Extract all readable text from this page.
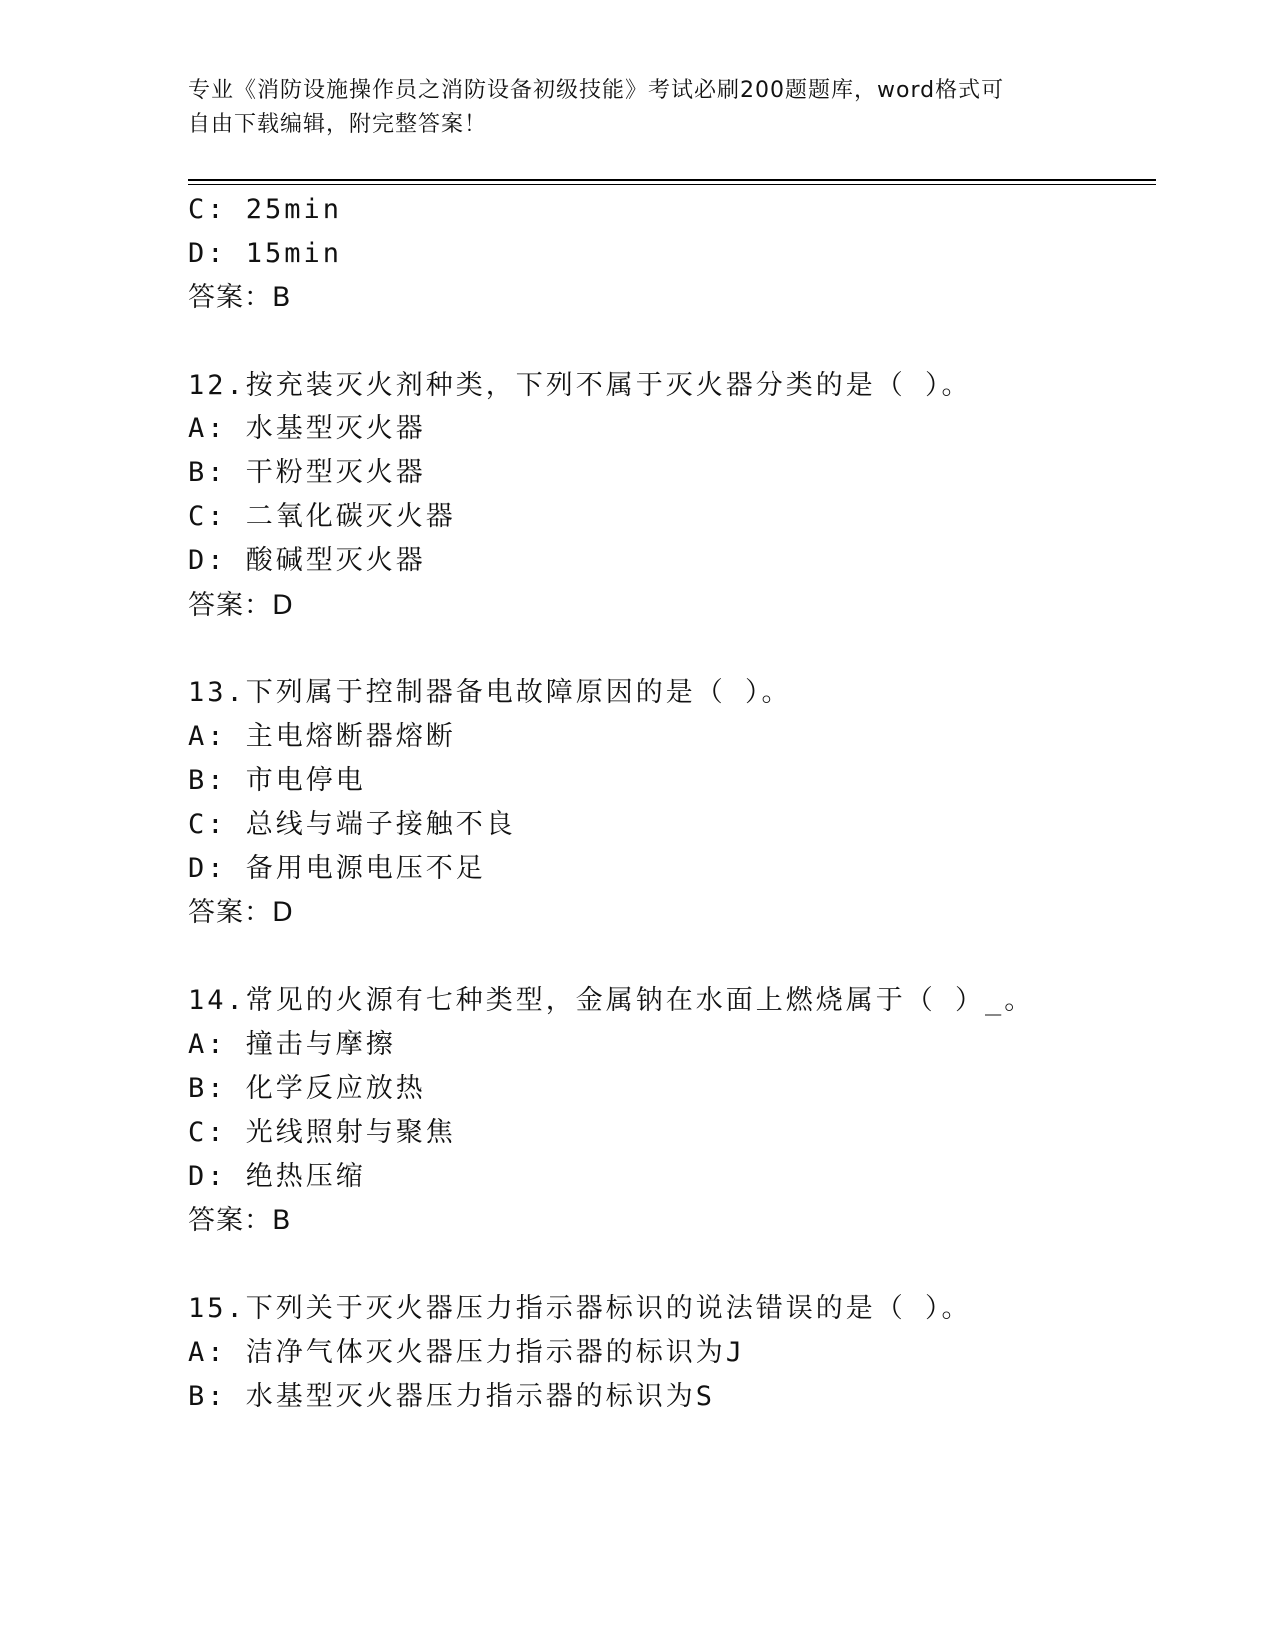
专业《消防设施操作员之消防设备初级技能》考试必刷200题题库，word格式可
自由下载编辑，附完整答案！
C: 25min
D: 15min
答案：B
12.按充装灭火剂种类，下列不属于灭火器分类的是（ ）。
A: 水基型灭火器
B: 干粉型灭火器
C: 二氧化碳灭火器
D: 酸碱型灭火器
答案：D
13.下列属于控制器备电故障原因的是（ ）。
A: 主电熔断器熔断
B: 市电停电
C: 总线与端子接触不良
D: 备用电源电压不足
答案：D
14.常见的火源有七种类型，金属钠在水面上燃烧属于（ ）_。
A: 撞击与摩擦
B: 化学反应放热
C: 光线照射与聚焦
D: 绝热压缩
答案：B
15.下列关于灭火器压力指示器标识的说法错误的是（ ）。
A: 洁净气体灭火器压力指示器的标识为J
B: 水基型灭火器压力指示器的标识为S
